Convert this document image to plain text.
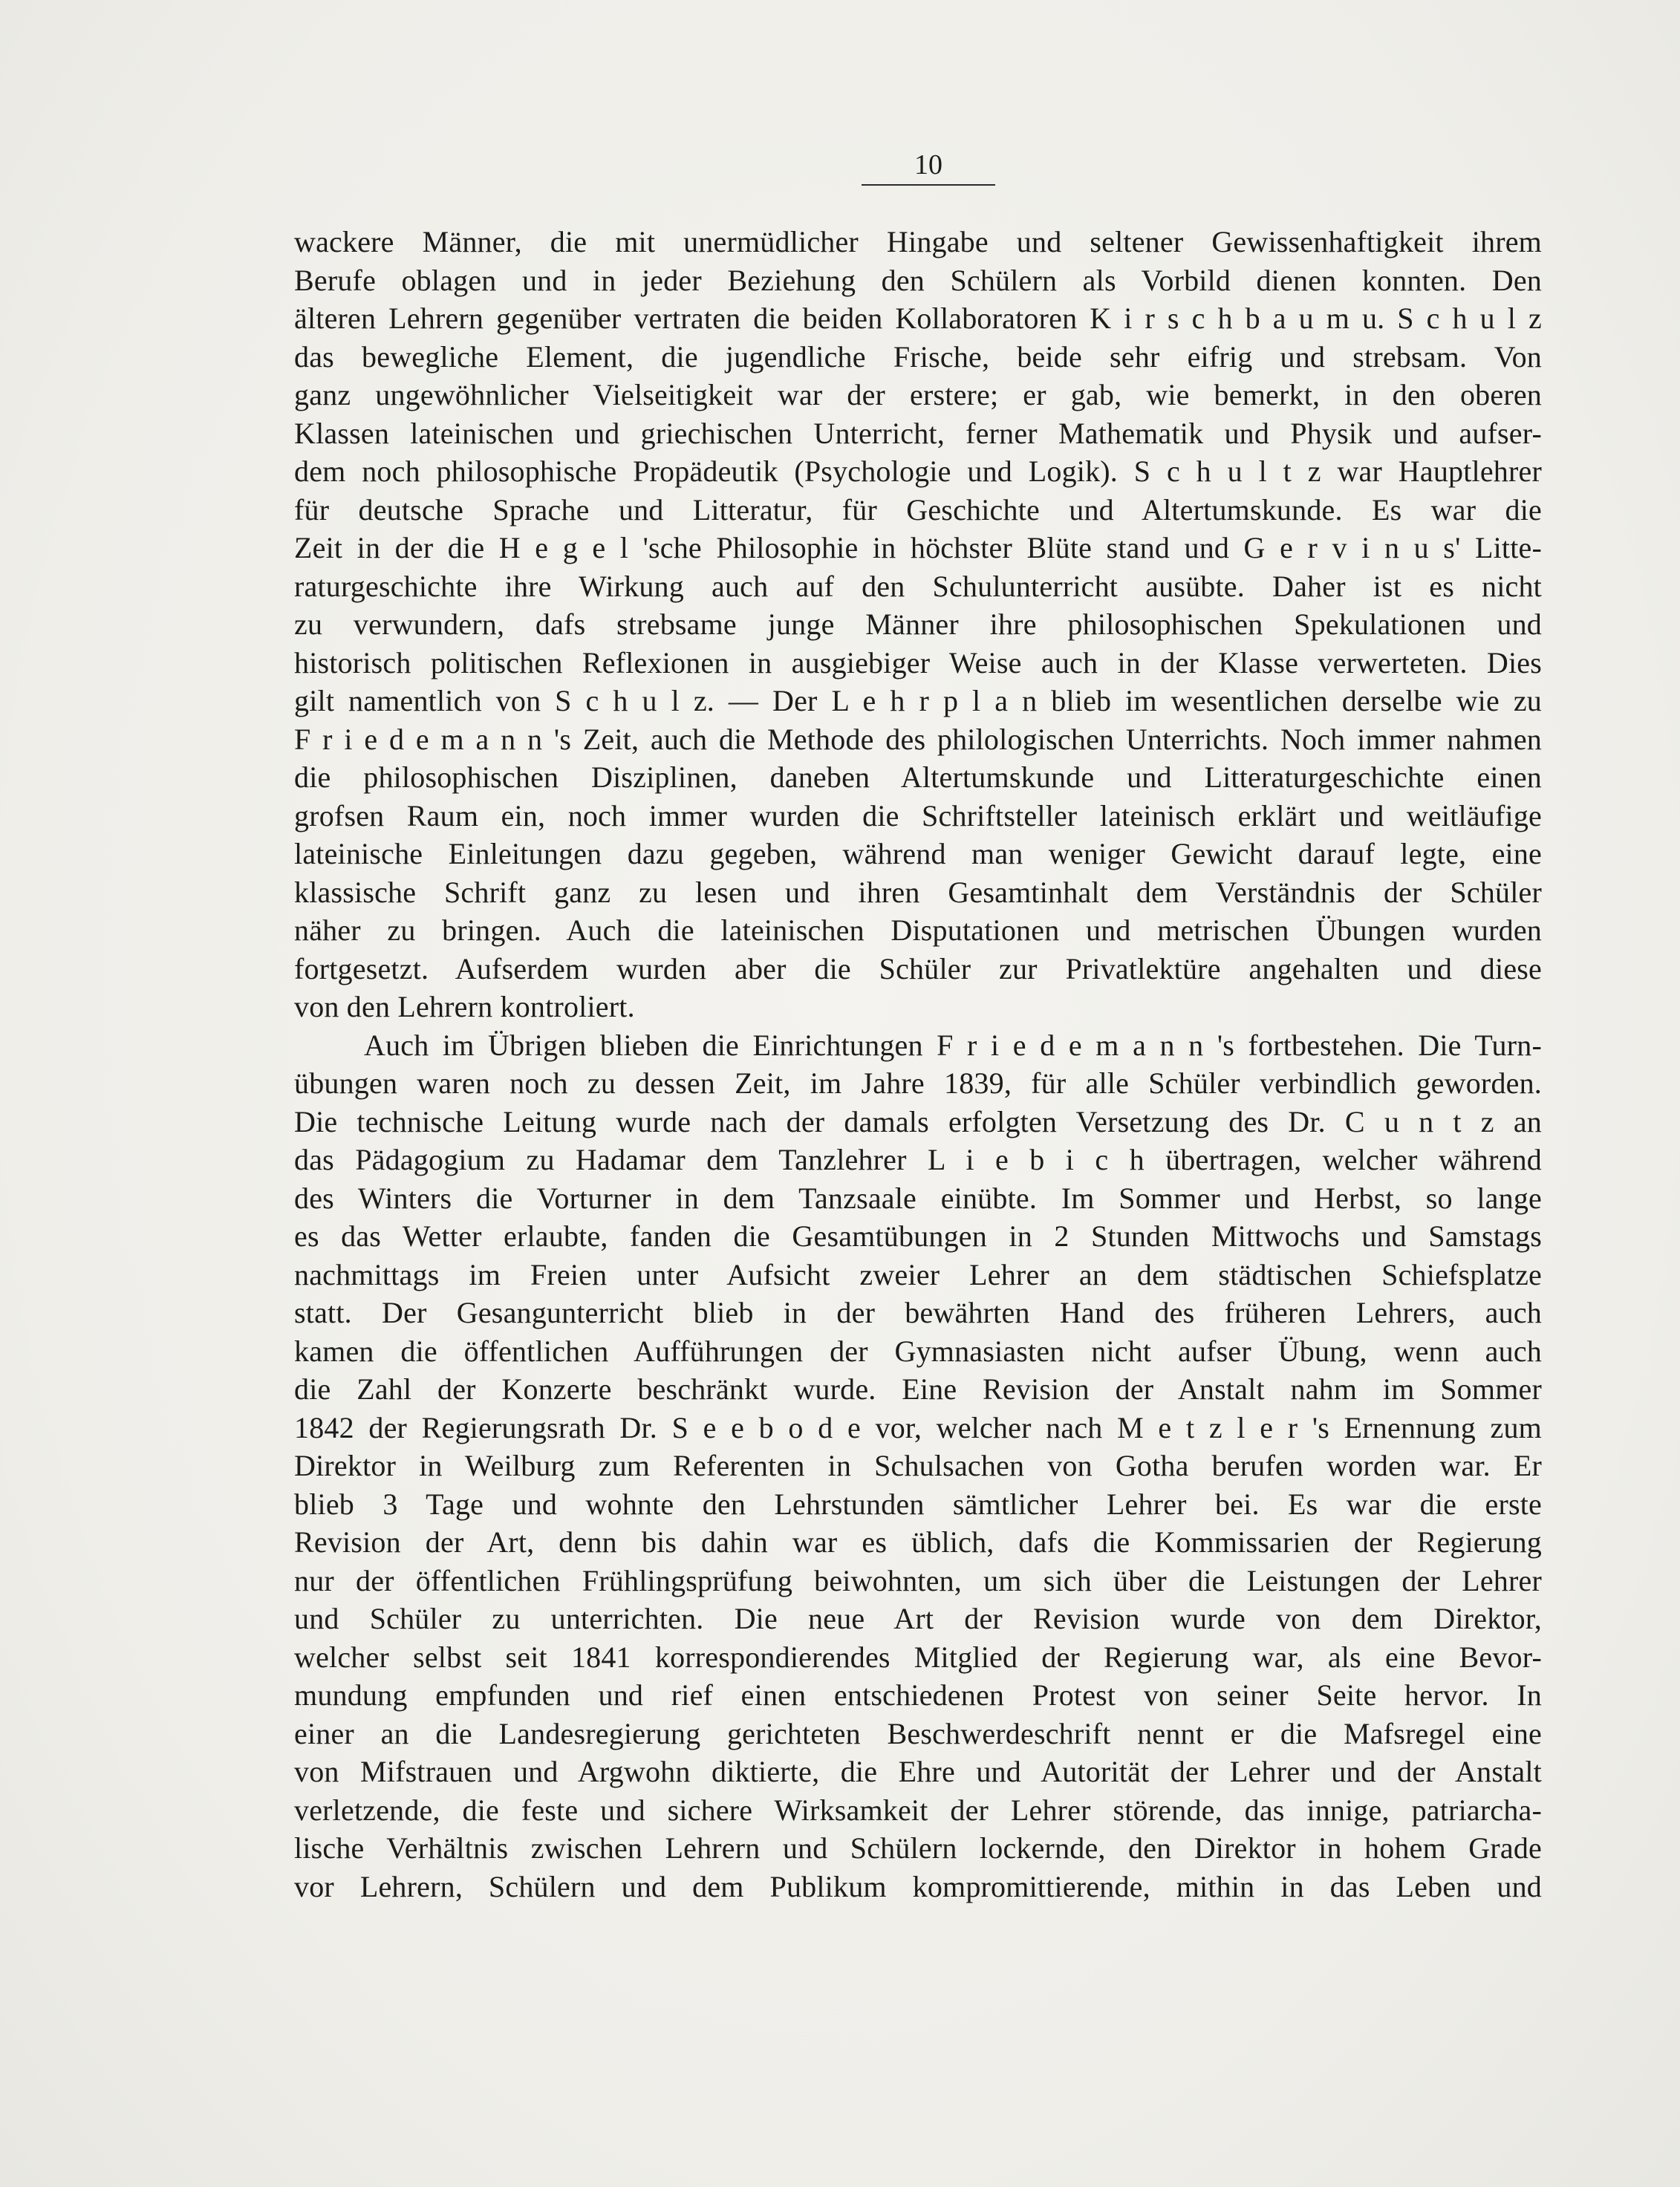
10
wackere Männer, die mit unermüdlicher Hingabe und seltener Gewissenhaftigkeit ihrem
Berufe oblagen und in jeder Beziehung den Schülern als Vorbild dienen konnten. Den
älteren Lehrern gegenüber vertraten die beiden Kollaboratoren K i r s c h b a u m u. S c h u l z
das bewegliche Element, die jugendliche Frische, beide sehr eifrig und strebsam. Von
ganz ungewöhnlicher Vielseitigkeit war der erstere; er gab, wie bemerkt, in den oberen
Klassen lateinischen und griechischen Unterricht, ferner Mathematik und Physik und aufser-
dem noch philosophische Propädeutik (Psychologie und Logik). S c h u l t z war Hauptlehrer
für deutsche Sprache und Litteratur, für Geschichte und Altertumskunde. Es war die
Zeit in der die H e g e l 'sche Philosophie in höchster Blüte stand und G e r v i n u s' Litte-
raturgeschichte ihre Wirkung auch auf den Schulunterricht ausübte. Daher ist es nicht
zu verwundern, dafs strebsame junge Männer ihre philosophischen Spekulationen und
historisch politischen Reflexionen in ausgiebiger Weise auch in der Klasse verwerteten. Dies
gilt namentlich von S c h u l z. — Der L e h r p l a n blieb im wesentlichen derselbe wie zu
F r i e d e m a n n 's Zeit, auch die Methode des philologischen Unterrichts. Noch immer nahmen
die philosophischen Disziplinen, daneben Altertumskunde und Litteraturgeschichte einen
grofsen Raum ein, noch immer wurden die Schriftsteller lateinisch erklärt und weitläufige
lateinische Einleitungen dazu gegeben, während man weniger Gewicht darauf legte, eine
klassische Schrift ganz zu lesen und ihren Gesamtinhalt dem Verständnis der Schüler
näher zu bringen. Auch die lateinischen Disputationen und metrischen Übungen wurden
fortgesetzt. Aufserdem wurden aber die Schüler zur Privatlektüre angehalten und diese
von den Lehrern kontroliert.
Auch im Übrigen blieben die Einrichtungen F r i e d e m a n n 's fortbestehen. Die Turn-
übungen waren noch zu dessen Zeit, im Jahre 1839, für alle Schüler verbindlich geworden.
Die technische Leitung wurde nach der damals erfolgten Versetzung des Dr. C u n t z an
das Pädagogium zu Hadamar dem Tanzlehrer L i e b i c h übertragen, welcher während
des Winters die Vorturner in dem Tanzsaale einübte. Im Sommer und Herbst, so lange
es das Wetter erlaubte, fanden die Gesamtübungen in 2 Stunden Mittwochs und Samstags
nachmittags im Freien unter Aufsicht zweier Lehrer an dem städtischen Schiefsplatze
statt. Der Gesangunterricht blieb in der bewährten Hand des früheren Lehrers, auch
kamen die öffentlichen Aufführungen der Gymnasiasten nicht aufser Übung, wenn auch
die Zahl der Konzerte beschränkt wurde. Eine Revision der Anstalt nahm im Sommer
1842 der Regierungsrath Dr. S e e b o d e vor, welcher nach M e t z l e r 's Ernennung zum
Direktor in Weilburg zum Referenten in Schulsachen von Gotha berufen worden war. Er
blieb 3 Tage und wohnte den Lehrstunden sämtlicher Lehrer bei. Es war die erste
Revision der Art, denn bis dahin war es üblich, dafs die Kommissarien der Regierung
nur der öffentlichen Frühlingsprüfung beiwohnten, um sich über die Leistungen der Lehrer
und Schüler zu unterrichten. Die neue Art der Revision wurde von dem Direktor,
welcher selbst seit 1841 korrespondierendes Mitglied der Regierung war, als eine Bevor-
mundung empfunden und rief einen entschiedenen Protest von seiner Seite hervor. In
einer an die Landesregierung gerichteten Beschwerdeschrift nennt er die Mafsregel eine
von Mifstrauen und Argwohn diktierte, die Ehre und Autorität der Lehrer und der Anstalt
verletzende, die feste und sichere Wirksamkeit der Lehrer störende, das innige, patriarcha-
lische Verhältnis zwischen Lehrern und Schülern lockernde, den Direktor in hohem Grade
vor Lehrern, Schülern und dem Publikum kompromittierende, mithin in das Leben und
